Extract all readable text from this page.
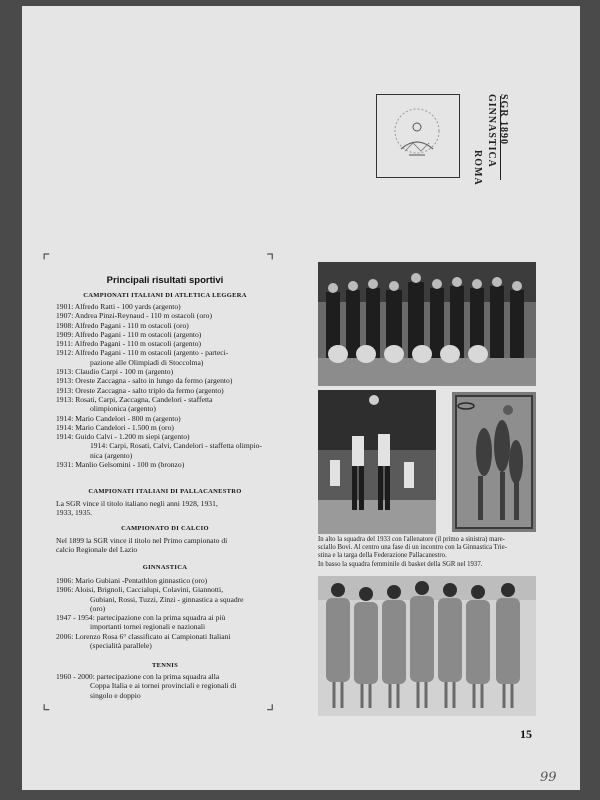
SGR 1890
GINNASTICA
ROMA
⌜	⌝
⌞	⌟
Principali risultati sportivi
CAMPIONATI ITALIANI DI ATLETICA LEGGERA
1901: Alfredo Ratti - 100 yards (argento)
1907: Andrea Pinzi-Reynaud - 110 m ostacoli (oro)
1908: Alfredo Pagani - 110 m ostacoli (oro)
1909: Alfredo Pagani - 110 m ostacoli (argento)
1911: Alfredo Pagani - 110 m ostacoli (argento)
1912: Alfredo Pagani - 110 m ostacoli (argento - parteci-
pazione alle Olimpiadi di Stoccolma)
1913: Claudio Carpi - 100 m (argento)
1913: Oreste Zaccagna - salto in lungo da fermo (argento)
1913: Oreste Zaccagna - salto triplo da fermo (argento)
1913: Rosati, Carpi, Zaccagna, Candelori - staffetta
olimpionica (argento)
1914: Mario Candelori - 800 m (argento)
1914: Mario Candelori - 1.500 m (oro)
1914: Guido Calvi - 1.200 m siepi (argento)
1914: Carpi, Rosati, Calvi, Candelori - staffetta olimpio-
nica (argento)
1931: Manlio Gelsomini - 100 m (bronzo)
CAMPIONATI ITALIANI DI PALLACANESTRO
La SGR vince il titolo italiano negli anni 1928, 1931,
1933, 1935.
CAMPIONATO DI CALCIO
Nel 1899 la SGR vince il titolo nel Primo campionato di
calcio Regionale del Lazio
GINNASTICA
1906: Mario Gubiani -Pentathlon ginnastico (oro)
1906: Aloisi, Brignoli, Caccialupi, Colavini, Giannotti,
Gubiani, Rossi, Tuzzi, Zinzi - ginnastica a squadre
(oro)
1947 - 1954: partecipazione con la prima squadra ai più
importanti tornei regionali e nazionali
2006: Lorenzo Rosa 6° classificato ai Campionati Italiani
(specialità parallele)
TENNIS
1960 - 2000: partecipazione con la prima squadra alla
Coppa Italia e ai tornei provinciali e regionali di
singolo e doppio
In alto la squadra del 1933 con l'allenatore (il primo a sinistra) mare-
sciallo Bovi. Al centro una fase di un incontro con la Ginnastica Trie-
stina e la targa della Federazione Pallacanestro.
In basso la squadra femminile di basket della SGR nel 1937.
15
99
